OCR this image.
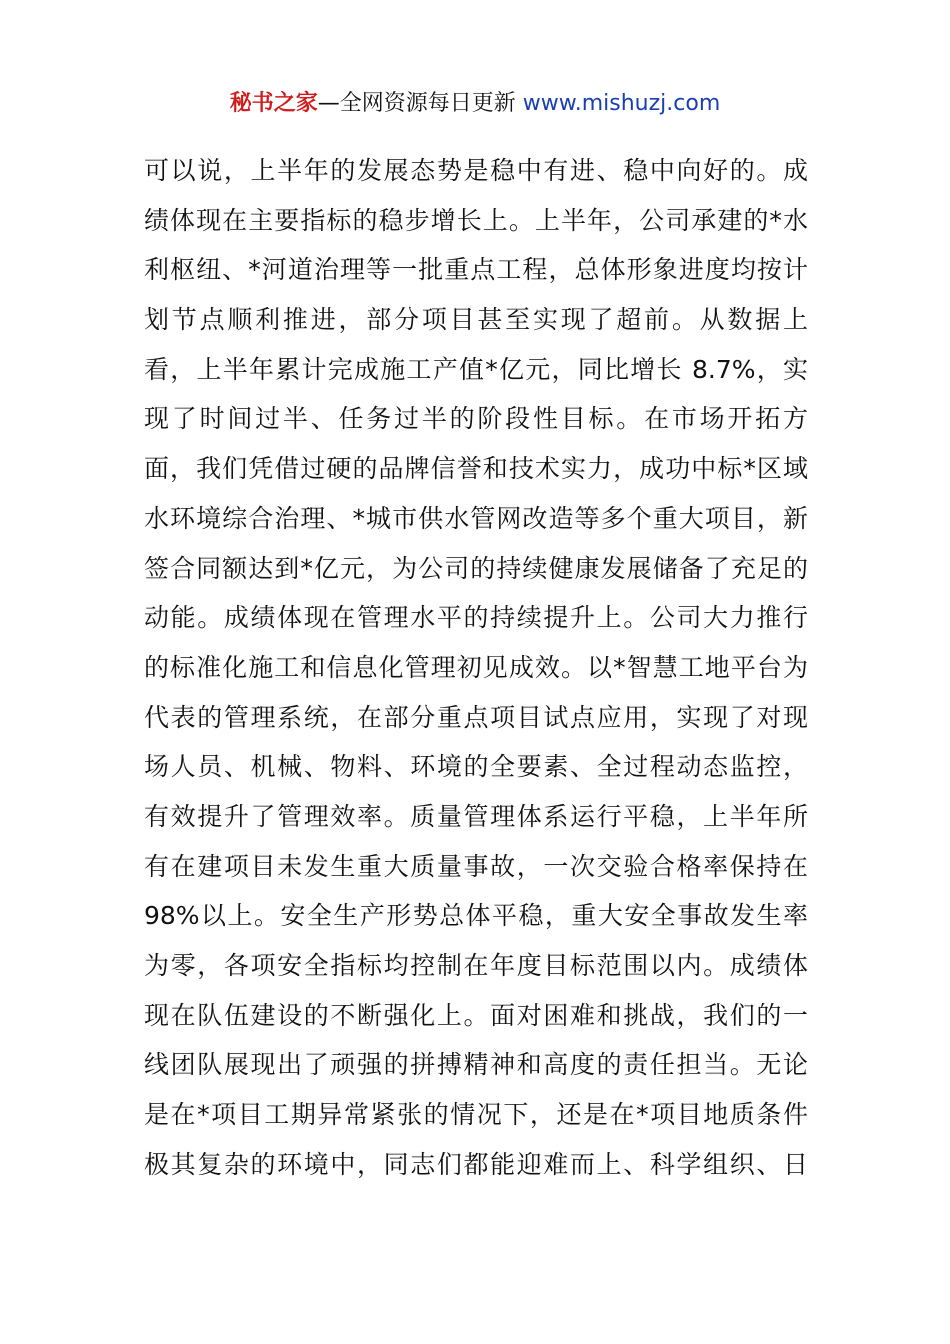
秘书之家—全网资源每日更新 www.mishuzj.com
可以说，上半年的发展态势是稳中有进、稳中向好的。成
绩体现在主要指标的稳步增长上。上半年，公司承建的*水
利枢纽、*河道治理等一批重点工程，总体形象进度均按计
划节点顺利推进，部分项目甚至实现了超前。从数据上
看，上半年累计完成施工产值*亿元，同比增长 8.7%，实
现了时间过半、任务过半的阶段性目标。在市场开拓方
面，我们凭借过硬的品牌信誉和技术实力，成功中标*区域
水环境综合治理、*城市供水管网改造等多个重大项目，新
签合同额达到*亿元，为公司的持续健康发展储备了充足的
动能。成绩体现在管理水平的持续提升上。公司大力推行
的标准化施工和信息化管理初见成效。以*智慧工地平台为
代表的管理系统，在部分重点项目试点应用，实现了对现
场人员、机械、物料、环境的全要素、全过程动态监控，
有效提升了管理效率。质量管理体系运行平稳，上半年所
有在建项目未发生重大质量事故，一次交验合格率保持在
98%以上。安全生产形势总体平稳，重大安全事故发生率
为零，各项安全指标均控制在年度目标范围以内。成绩体
现在队伍建设的不断强化上。面对困难和挑战，我们的一
线团队展现出了顽强的拼搏精神和高度的责任担当。无论
是在*项目工期异常紧张的情况下，还是在*项目地质条件
极其复杂的环境中，同志们都能迎难而上、科学组织、日
